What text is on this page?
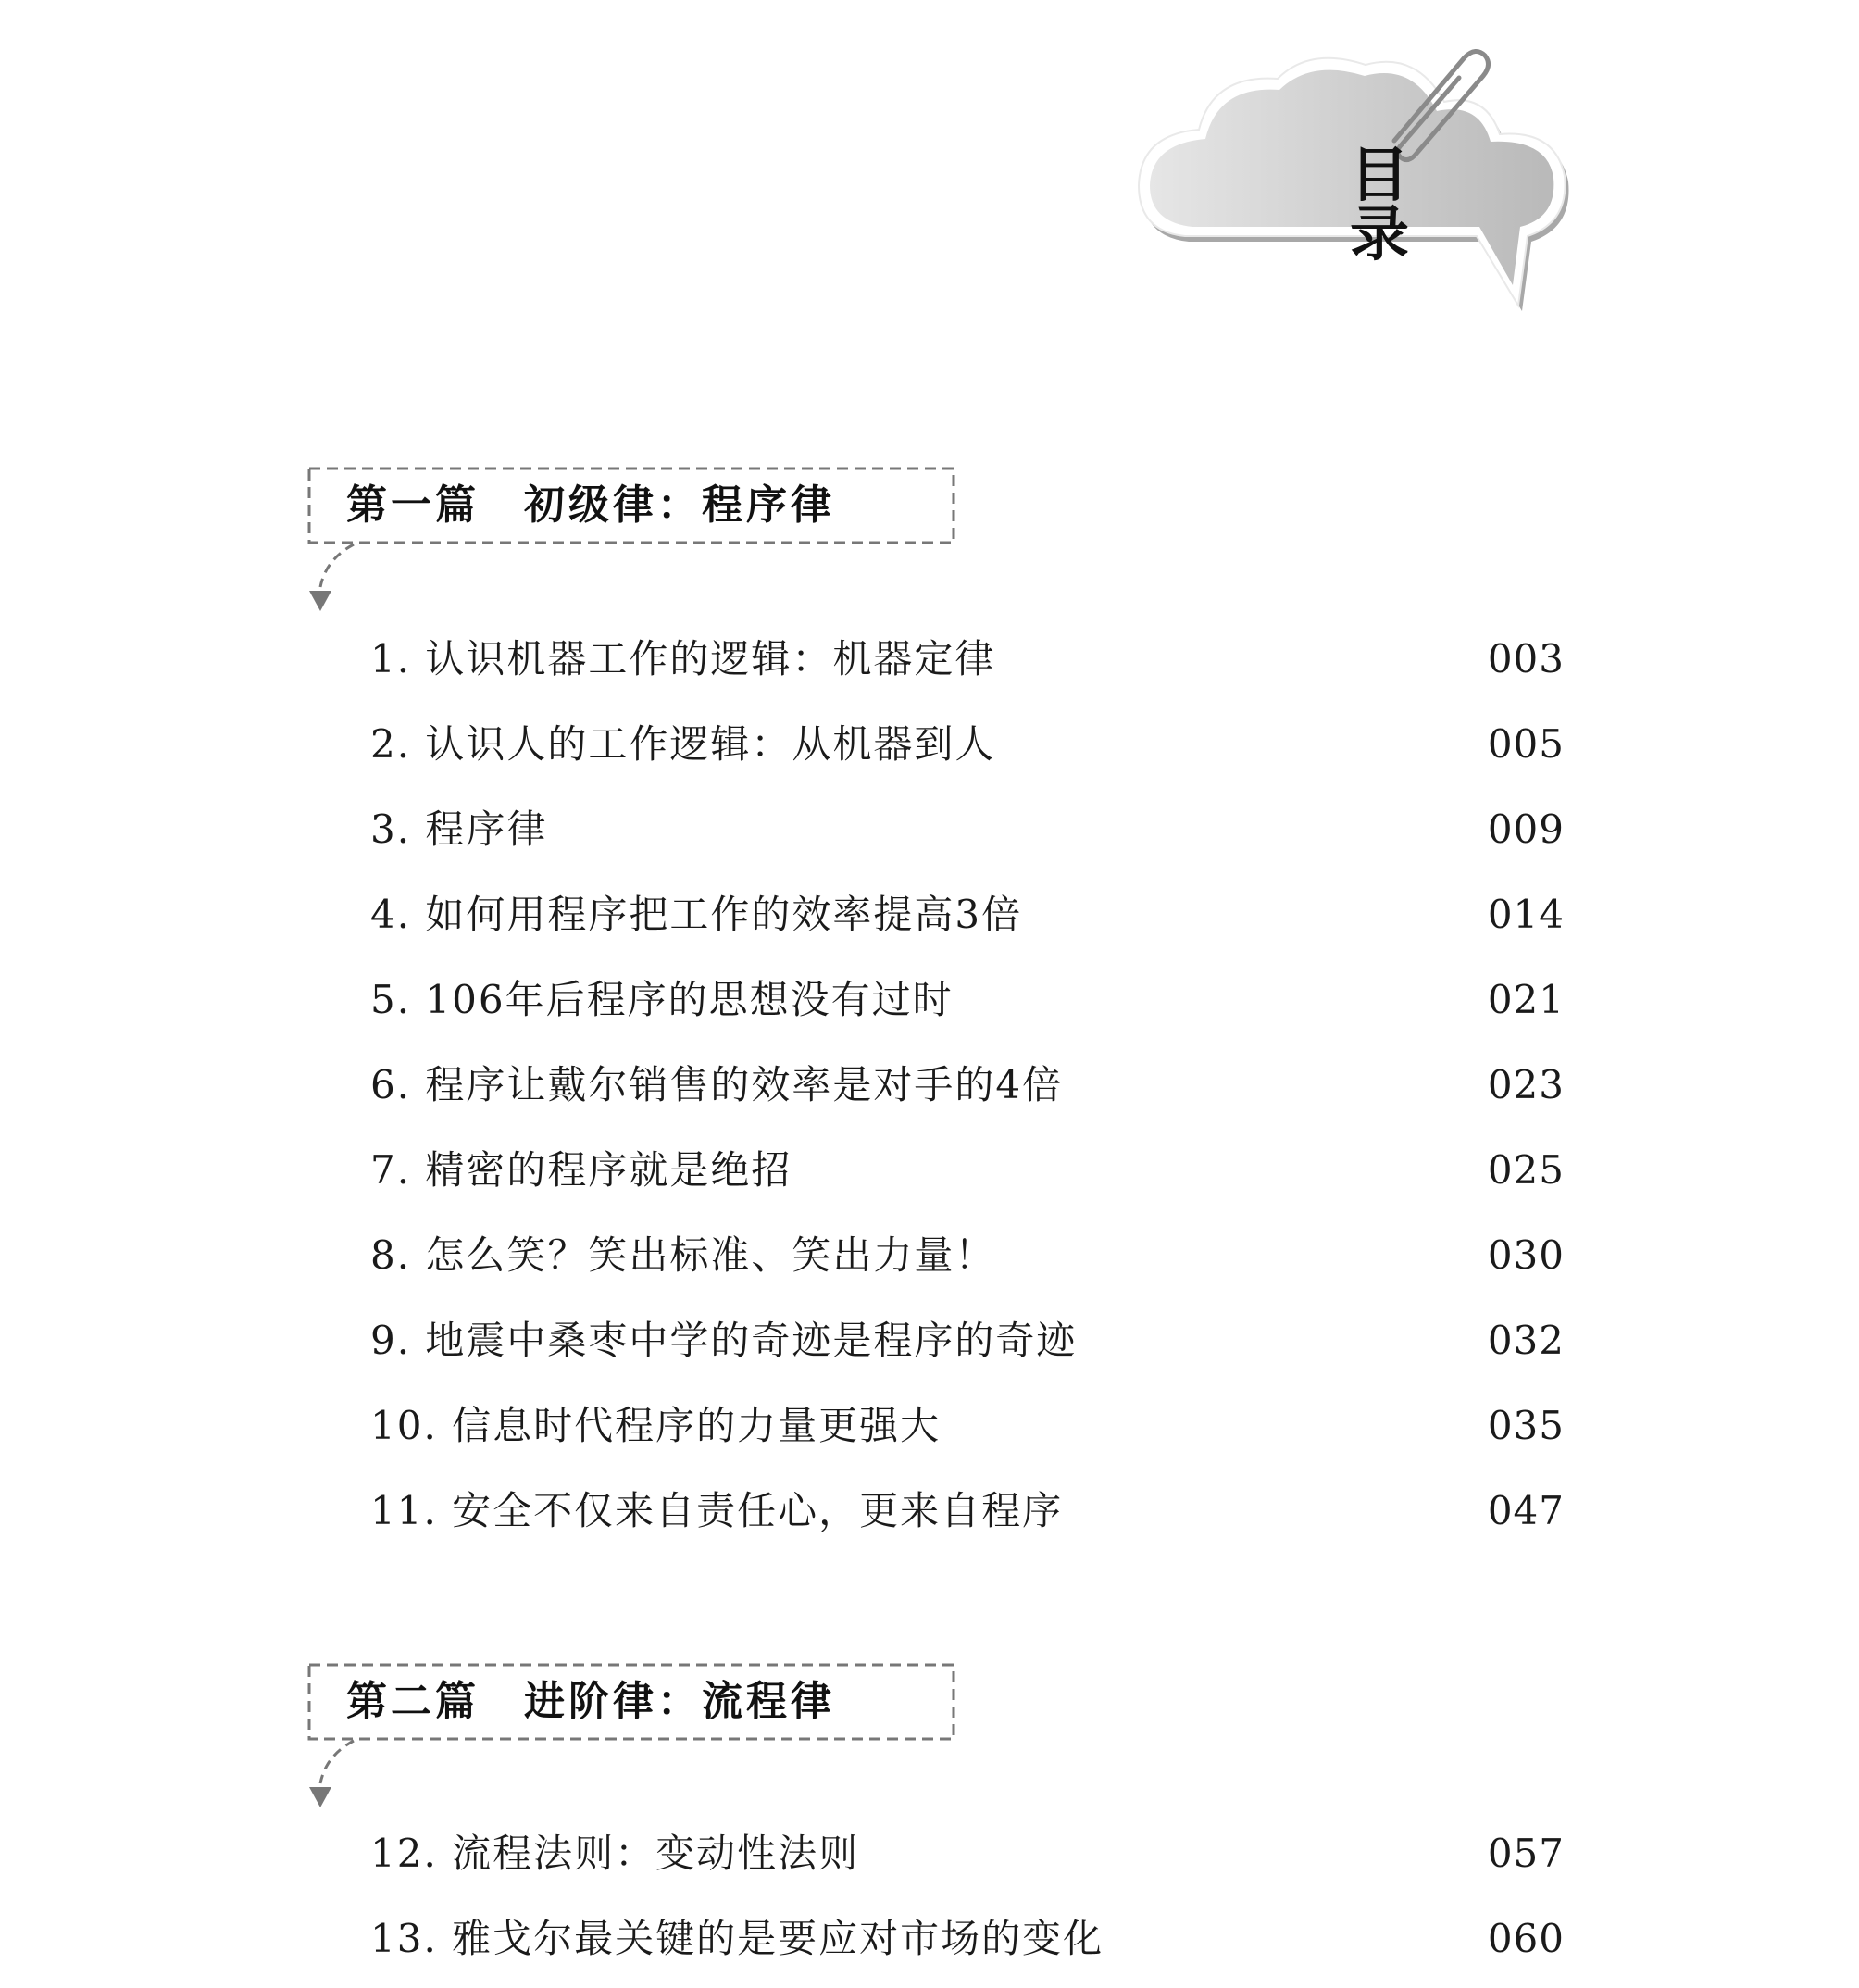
目录
第一篇　初级律：程序律
1. 认识机器工作的逻辑：机器定律	003
2. 认识人的工作逻辑：从机器到人	005
3. 程序律	009
4. 如何用程序把工作的效率提高3倍	014
5. 106年后程序的思想没有过时	021
6. 程序让戴尔销售的效率是对手的4倍	023
7. 精密的程序就是绝招	025
8. 怎么笑？笑出标准、笑出力量！	030
9. 地震中桑枣中学的奇迹是程序的奇迹	032
10. 信息时代程序的力量更强大	035
11. 安全不仅来自责任心，更来自程序	047
第二篇　进阶律：流程律
12. 流程法则：变动性法则	057
13. 雅戈尔最关键的是要应对市场的变化	060
